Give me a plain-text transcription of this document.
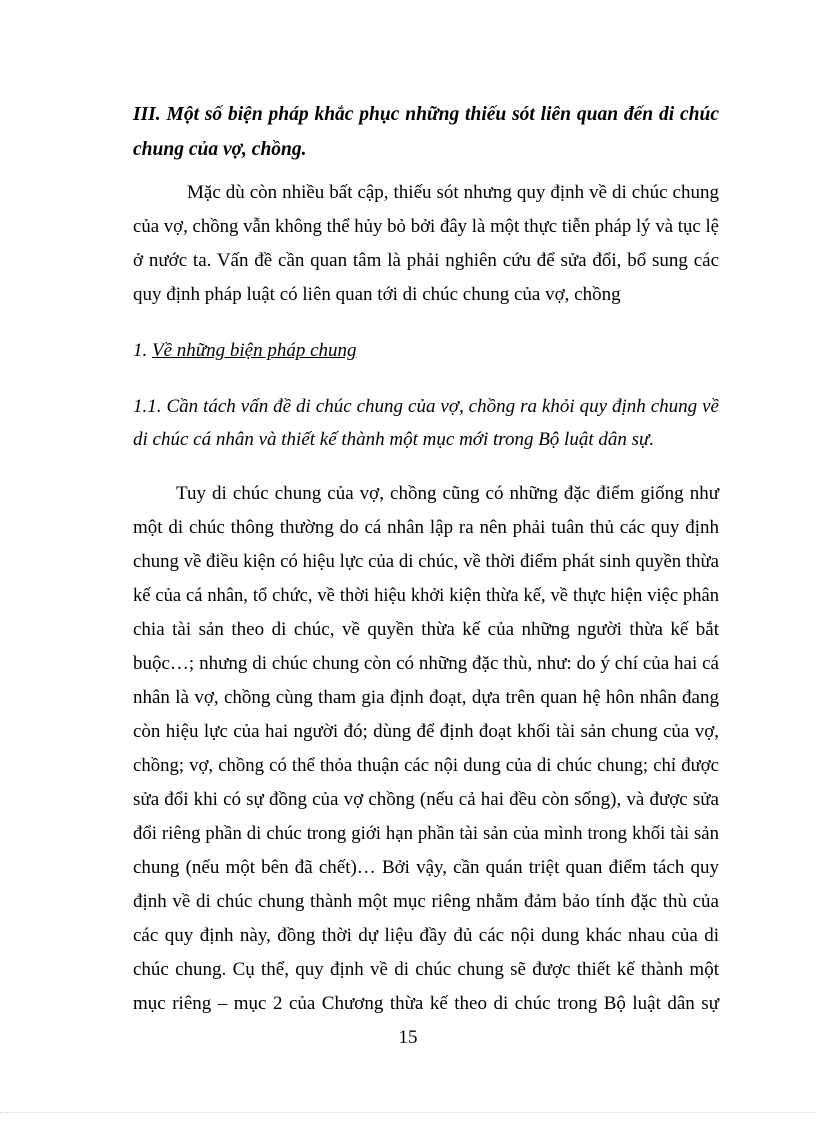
III. Một số biện pháp khắc phục những thiếu sót liên quan đến di chúc
chung của vợ, chồng.
Mặc dù còn nhiều bất cập, thiếu sót nhưng quy định về di chúc chung
của vợ, chồng vẫn không thể hủy bỏ bởi đây là một thực tiễn pháp lý và tục lệ
ở nước ta. Vấn đề cần quan tâm là phải nghiên cứu để sửa đổi, bổ sung các
quy định pháp luật có liên quan tới di chúc chung của vợ, chồng
1. Về những biện pháp chung
1.1. Cần tách vấn đề di chúc chung của vợ, chồng ra khỏi quy định chung về
di chúc cá nhân và thiết kế thành một mục mới trong Bộ luật dân sự.
Tuy di chúc chung của vợ, chồng cũng có những đặc điểm giống như
một di chúc thông thường do cá nhân lập ra nên phải tuân thủ các quy định
chung về điều kiện có hiệu lực của di chúc, về thời điểm phát sinh quyền thừa
kế của cá nhân, tổ chức, về thời hiệu khởi kiện thừa kế, về thực hiện việc phân
chia tài sản theo di chúc, về quyền thừa kế của những người thừa kế bắt
buộc…; nhưng di chúc chung còn có những đặc thù, như: do ý chí của hai cá
nhân là vợ, chồng cùng tham gia định đoạt, dựa trên quan hệ hôn nhân đang
còn hiệu lực của hai người đó; dùng để định đoạt khối tài sản chung của vợ,
chồng; vợ, chồng có thể thỏa thuận các nội dung của di chúc chung; chỉ được
sửa đổi khi có sự đồng của vợ chồng (nếu cả hai đều còn sống), và được sửa
đổi riêng phần di chúc trong giới hạn phần tài sản của mình trong khối tài sản
chung (nếu một bên đã chết)… Bởi vậy, cần quán triệt quan điểm tách quy
định về di chúc chung thành một mục riêng nhằm đảm bảo tính đặc thù của
các quy định này, đồng thời dự liệu đầy đủ các nội dung khác nhau của di
chúc chung. Cụ thể, quy định về di chúc chung sẽ được thiết kế thành một
mục riêng – mục 2 của Chương thừa kế theo di chúc trong Bộ luật dân sự
15
